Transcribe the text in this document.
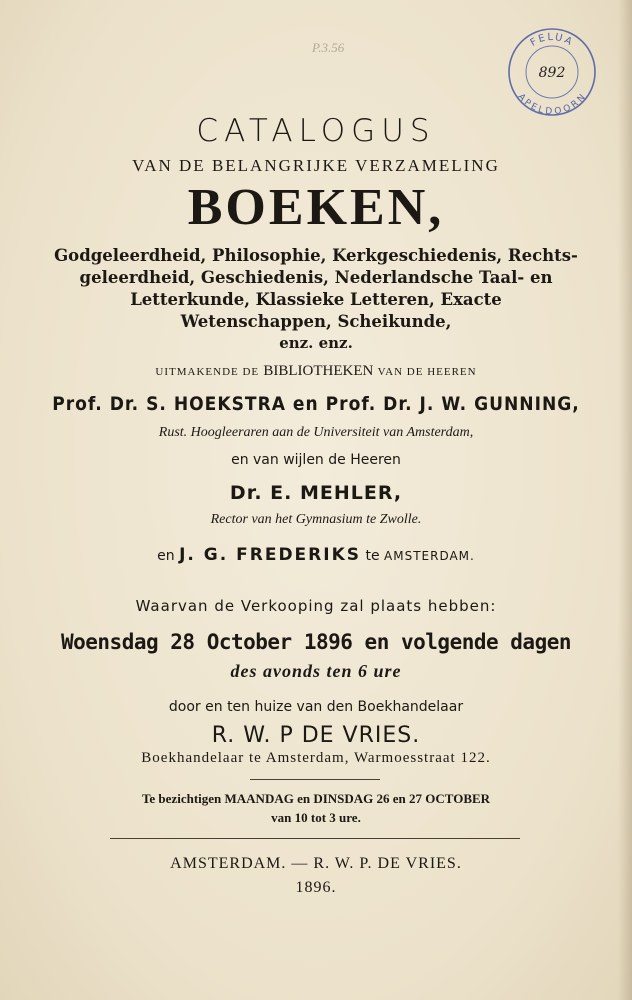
P.3.56	FELUA
APELDOORN
892
CATALOGUS
VAN DE BELANGRIJKE VERZAMELING
BOEKEN,
Godgeleerdheid, Philosophie, Kerkgeschiedenis, Rechts-
geleerdheid, Geschiedenis, Nederlandsche Taal- en
Letterkunde, Klassieke Letteren, Exacte
Wetenschappen, Scheikunde,
enz. enz.
UITMAKENDE DE BIBLIOTHEKEN VAN DE HEEREN
Prof. Dr. S. HOEKSTRA en Prof. Dr. J. W. GUNNING,
Rust. Hoogleeraren aan de Universiteit van Amsterdam,
en van wijlen de Heeren
Dr. E. MEHLER,
Rector van het Gymnasium te Zwolle.
en J. G. FREDERIKS te AMSTERDAM.
Waarvan de Verkooping zal plaats hebben:
Woensdag 28 October 1896 en volgende dagen
des avonds ten 6 ure
door en ten huize van den Boekhandelaar
R. W. P DE VRIES.
Boekhandelaar te Amsterdam, Warmoesstraat 122.
Te bezichtigen MAANDAG en DINSDAG 26 en 27 OCTOBER
van 10 tot 3 ure.
AMSTERDAM. — R. W. P. DE VRIES.
1896.
